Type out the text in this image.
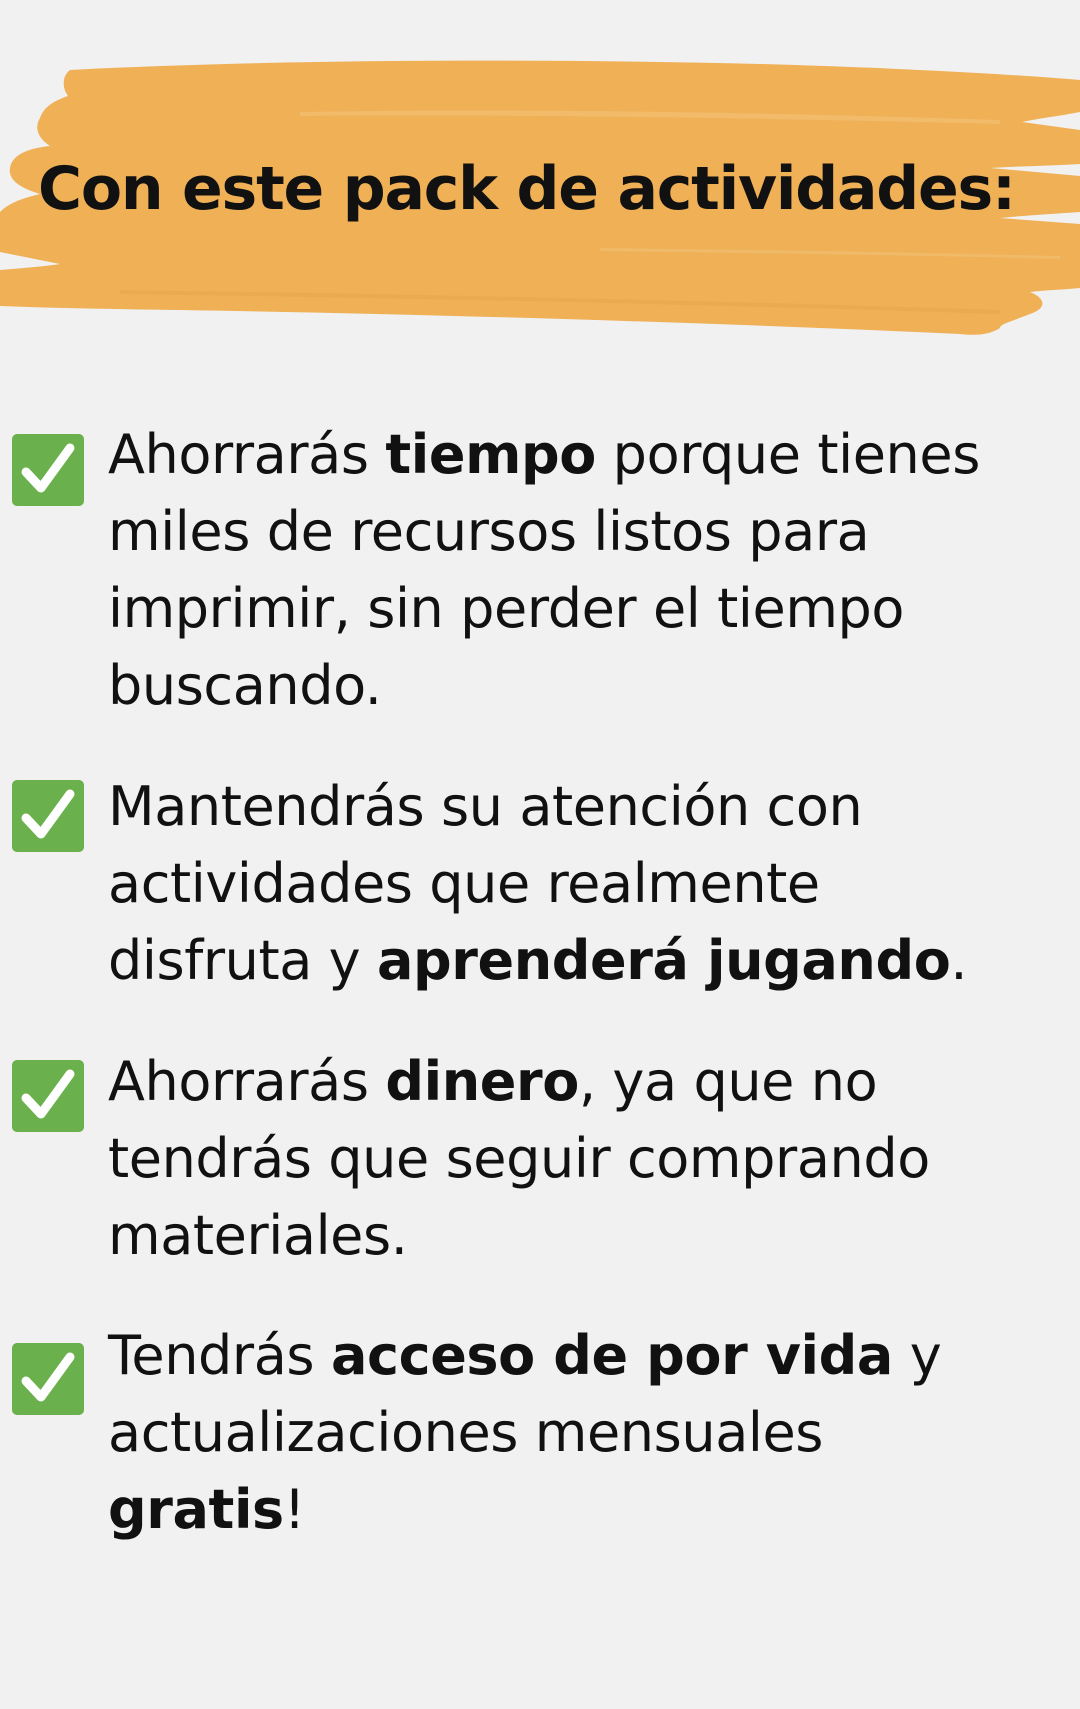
Con este pack de actividades:

Ahorrarás tiempo porque tienes
miles de recursos listos para
imprimir, sin perder el tiempo
buscando.

Mantendrás su atención con
actividades que realmente
disfruta y aprenderá jugando.

Ahorrarás dinero, ya que no
tendrás que seguir comprando
materiales.

Tendrás acceso de por vida y
actualizaciones mensuales
gratis!
